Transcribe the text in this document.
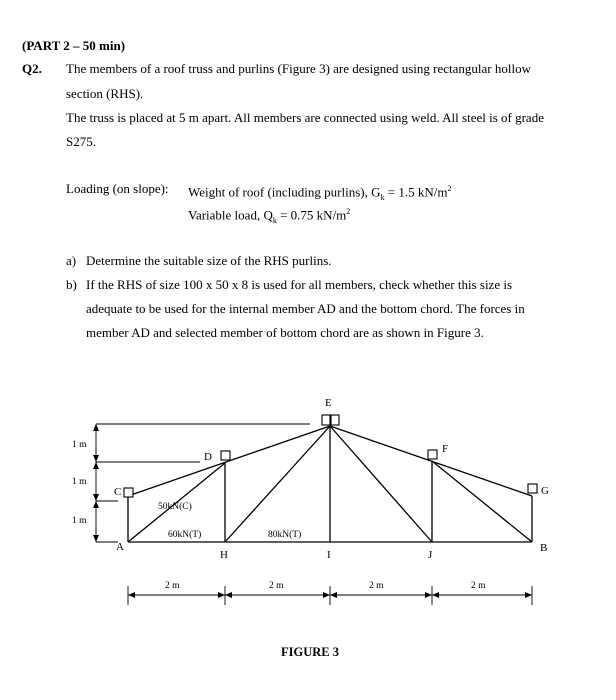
(PART 2 – 50 min)
Q2. The members of a roof truss and purlins (Figure 3) are designed using rectangular hollow
section (RHS).
The truss is placed at 5 m apart. All members are connected using weld. All steel is of grade
S275.
Loading (on slope): Weight of roof (including purlins), $G_k = 1.5$ $kN/m^2$
Variable load, $Q_k = 0.75$ $kN/m^2$
a) Determine the suitable size of the RHS purlins.
b) If the RHS of size 100 x 50 x 8 is used for all members, check whether this size is
adequate to be used for the internal member AD and the bottom chord. The forces in
member AD and selected member of bottom chord are as shown in Figure 3.
A
C
D
E
F
G
B
H	I	J
1 m
1 m
1 m
2 m	2 m	2 m	2 m
50kN(C)
60kN(T)	80kN(T)
FIGURE 3
